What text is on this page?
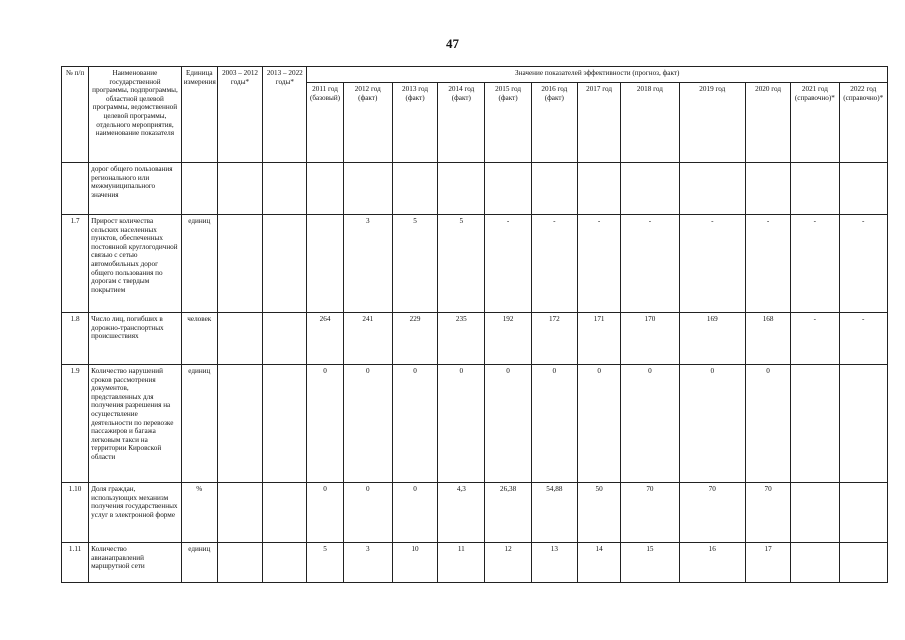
47
№ п/п	Наименование государственной программы, подпрограммы, областной целевой программы, ведомственной целевой программы, отдельного мероприятия, наименование показателя	Единица измерения	2003 – 2012 годы*	2013 – 2022 годы*	Значение показателей эффективности (прогноз, факт)											
					2011 год (базовый)	2012 год (факт)	2013 год (факт)	2014 год (факт)	2015 год (факт)	2016 год (факт)	2017 год	2018 год	2019 год	2020 год	2021 год (справочно)*	2022 год (справочно)*
	дорог общего пользования регионального или межмуниципального значения															
1.7	Прирост количества сельских населенных пунктов, обеспеченных постоянной круглогодичной связью с сетью автомобильных дорог общего пользования по дорогам с твердым покрытием	единиц				3	5	5	-	-	-	-	-	-	-	-
1.8	Число лиц, погибших в дорожно-транспортных происшествиях	человек			264	241	229	235	192	172	171	170	169	168	-	-
1.9	Количество нарушений сроков рассмотрения документов, представленных для получения разрешения на осуществление деятельности по перевозке пассажиров и багажа легковым такси на территории Кировской области	единиц			0	0	0	0	0	0	0	0	0	0		
1.10	Доля граждан, использующих механизм получения государственных услуг в электронной форме	%			0	0	0	4,3	26,38	54,88	50	70	70	70		
1.11	Количество авианаправлений маршрутной сети	единиц			5	3	10	11	12	13	14	15	16	17		
